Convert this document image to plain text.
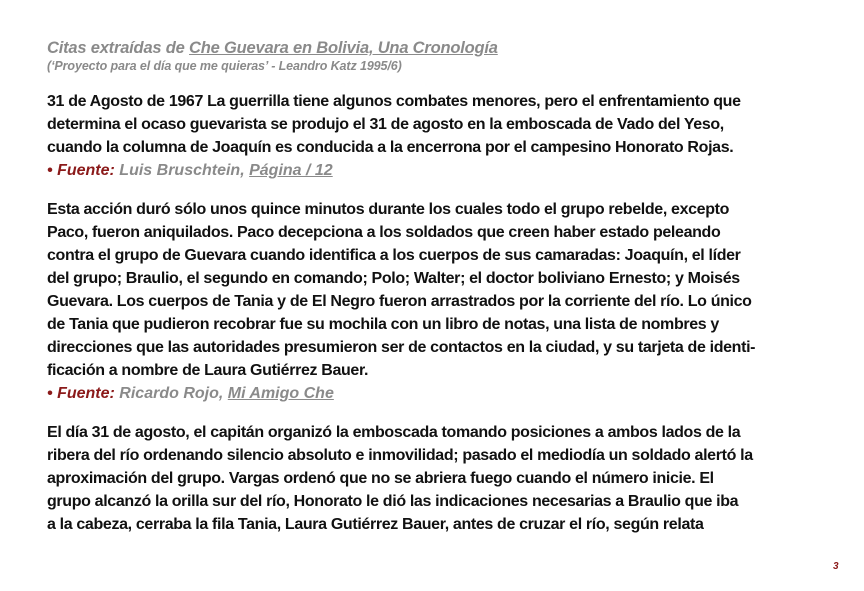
Citas extraídas de Che Guevara en Bolivia, Una Cronología
(‘Proyecto para el día que me quieras’ - Leandro Katz 1995/6)
31 de Agosto de 1967 La guerrilla tiene algunos combates menores, pero el enfrentamiento que
determina el ocaso guevarista se produjo el 31 de agosto en la emboscada de Vado del Yeso,
cuando la columna de Joaquín es conducida a la encerrona por el campesino Honorato Rojas.
• Fuente: Luis Bruschtein, Página / 12
Esta acción duró sólo unos quince minutos durante los cuales todo el grupo rebelde, excepto
Paco, fueron aniquilados. Paco decepciona a los soldados que creen haber estado peleando
contra el grupo de Guevara cuando identifica a los cuerpos de sus camaradas: Joaquín, el líder
del grupo; Braulio, el segundo en comando; Polo; Walter; el doctor boliviano Ernesto; y Moisés
Guevara. Los cuerpos de Tania y de El Negro fueron arrastrados por la corriente del río. Lo único
de Tania que pudieron recobrar fue su mochila con un libro de notas, una lista de nombres y
direcciones que las autoridades presumieron ser de contactos en la ciudad, y su tarjeta de identi-
ficación a nombre de Laura Gutiérrez Bauer.
• Fuente: Ricardo Rojo, Mi Amigo Che
El día 31 de agosto, el capitán organizó la emboscada tomando posiciones a ambos lados de la
ribera del río ordenando silencio absoluto e inmovilidad; pasado el mediodía un soldado alertó la
aproximación del grupo. Vargas ordenó que no se abriera fuego cuando el número inicie. El
grupo alcanzó la orilla sur del río, Honorato le dió las indicaciones necesarias a Braulio que iba
a la cabeza, cerraba la fila Tania, Laura Gutiérrez Bauer, antes de cruzar el río, según relata
3
